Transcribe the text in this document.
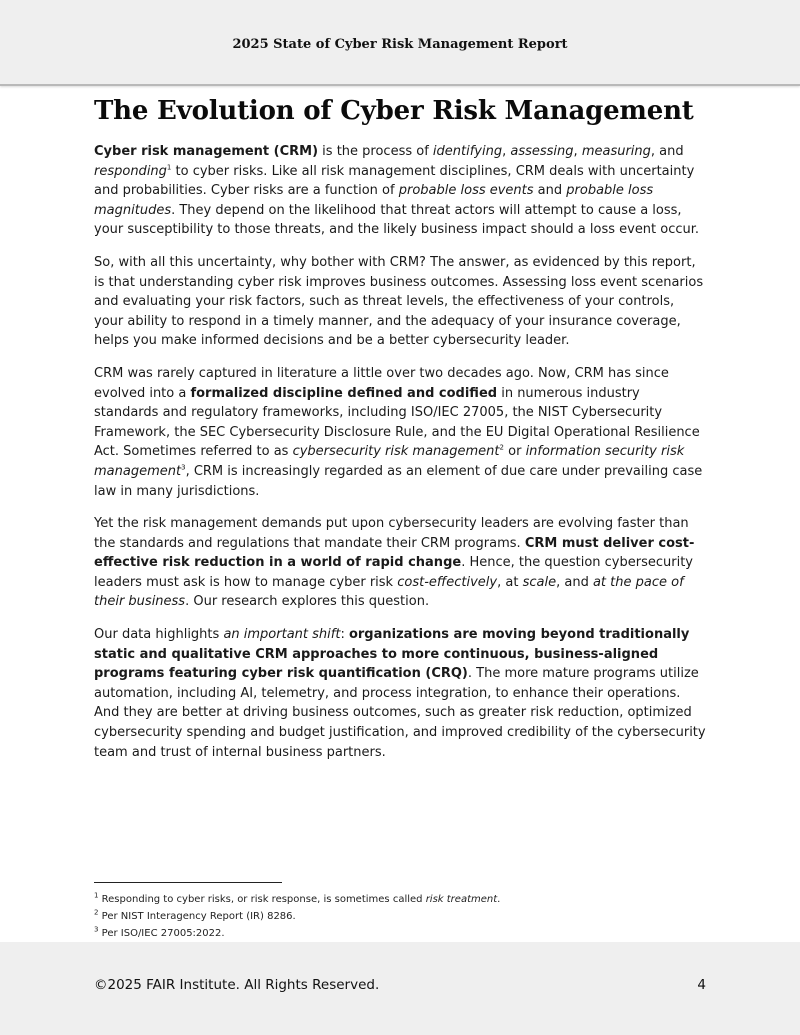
2025 State of Cyber Risk Management Report
The Evolution of Cyber Risk Management

Cyber risk management (CRM) is the process of identifying, assessing, measuring, and responding$^1$ to cyber risks. Like all risk management disciplines, CRM deals with uncertainty and probabilities. Cyber risks are a function of probable loss events and probable loss magnitudes. They depend on the likelihood that threat actors will attempt to cause a loss, your susceptibility to those threats, and the likely business impact should a loss event occur.

So, with all this uncertainty, why bother with CRM? The answer, as evidenced by this report, is that understanding cyber risk improves business outcomes. Assessing loss event scenarios and evaluating your risk factors, such as threat levels, the effectiveness of your controls, your ability to respond in a timely manner, and the adequacy of your insurance coverage, helps you make informed decisions and be a better cybersecurity leader.

CRM was rarely captured in literature a little over two decades ago. Now, CRM has since evolved into a formalized discipline defined and codified in numerous industry standards and regulatory frameworks, including ISO/IEC 27005, the NIST Cybersecurity Framework, the SEC Cybersecurity Disclosure Rule, and the EU Digital Operational Resilience Act. Sometimes referred to as cybersecurity risk management$^2$ or information security risk management$^3$, CRM is increasingly regarded as an element of due care under prevailing case law in many jurisdictions.

Yet the risk management demands put upon cybersecurity leaders are evolving faster than the standards and regulations that mandate their CRM programs. CRM must deliver cost-effective risk reduction in a world of rapid change. Hence, the question cybersecurity leaders must ask is how to manage cyber risk cost-effectively, at scale, and at the pace of their business. Our research explores this question.

Our data highlights an important shift: organizations are moving beyond traditionally static and qualitative CRM approaches to more continuous, business-aligned programs featuring cyber risk quantification (CRQ). The more mature programs utilize automation, including AI, telemetry, and process integration, to enhance their operations. And they are better at driving business outcomes, such as greater risk reduction, optimized cybersecurity spending and budget justification, and improved credibility of the cybersecurity team and trust of internal business partners.

$^1$ Responding to cyber risks, or risk response, is sometimes called risk treatment.
$^2$ Per NIST Interagency Report (IR) 8286.
$^3$ Per ISO/IEC 27005:2022.
©2025 FAIR Institute. All Rights Reserved.	4
